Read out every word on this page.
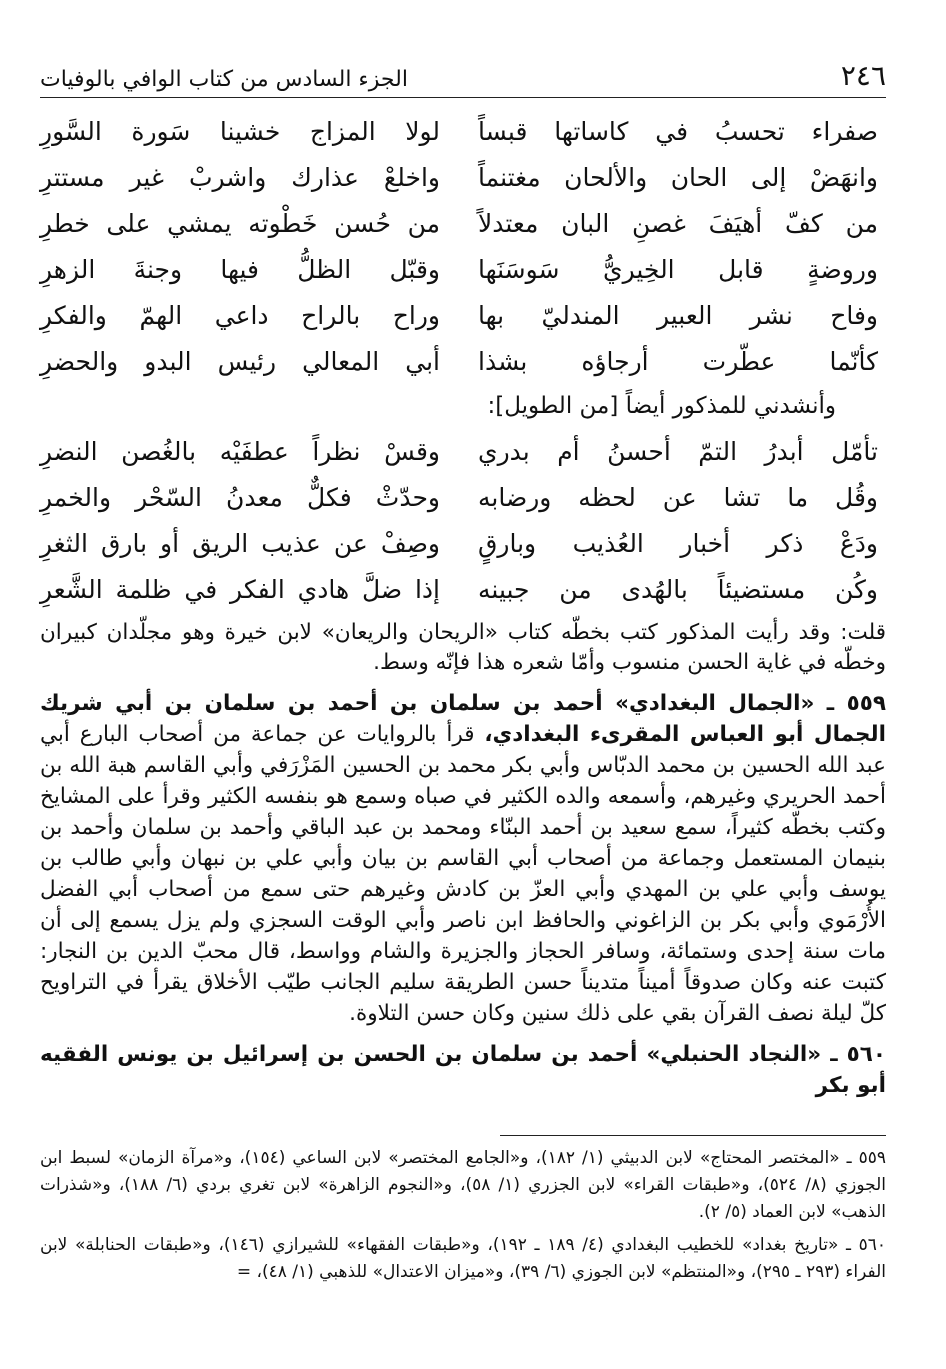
٢٤٦
الجزء السادس من كتاب الوافي بالوفيات
صفراء تحسبُ في كاساتها قبساً
لولا المزاج خشينا سَورة السَّورِ
وانهَضْ إلى الحان والألحان مغتنماً
واخلعْ عذارك واشربْ غير مستترِ
من كفّ أهيَفَ غصنِ البان معتدلاً
من حُسن خَطْوته يمشي على خطرِ
وروضةٍ قابل الخِيريُّ سَوسَنَها
وقبّل الظلُّ فيها وجنةَ الزهرِ
وفاح نشر العبير المندليّ بها
وراح بالراح داعي الهمّ والفكرِ
كأنّما عطّرت أرجاؤه بشذا
أبي المعالي رئيس البدو والحضرِ
وأنشدني للمذكور أيضاً [من الطويل]:
تأمّل أبدرُ التمّ أحسنُ أم بدري
وقسْ نظراً عطفَيْه بالغُصن النضرِ
وقُل ما تشا عن لحظه ورضابه
وحدّثْ فكلٌّ معدنُ السّحْر والخمرِ
ودَعْ ذكر أخبار العُذيب وبارقٍ
وصِفْ عن عذيب الريق أو بارق الثغرِ
وكُن مستضيئاً بالهُدى من جبينه
إذا ضلَّ هادي الفكر في ظلمة الشَّعرِ

قلت: وقد رأيت المذكور كتب بخطّه كتاب «الريحان والريعان» لابن خيرة وهو مجلّدان كبيران وخطّه في غاية الحسن منسوب وأمّا شعره هذا فإنّه وسط.

٥٥٩ ـ «الجمال البغدادي» أحمد بن سلمان بن أحمد بن سلمان بن أبي شريك الجمال أبو العباس المقرىء البغدادي، قرأ بالروايات عن جماعة من أصحاب البارع أبي عبد الله الحسين بن محمد الدبّاس وأبي بكر محمد بن الحسين المَزْرَفي وأبي القاسم هبة الله بن أحمد الحريري وغيرهم، وأسمعه والده الكثير في صباه وسمع هو بنفسه الكثير وقرأ على المشايخ وكتب بخطّه كثيراً، سمع سعيد بن أحمد البنّاء ومحمد بن عبد الباقي وأحمد بن سلمان وأحمد بن بنيمان المستعمل وجماعة من أصحاب أبي القاسم بن بيان وأبي علي بن نبهان وأبي طالب بن يوسف وأبي علي بن المهدي وأبي العزّ بن كادش وغيرهم حتى سمع من أصحاب أبي الفضل الأُرْمَوي وأبي بكر بن الزاغوني والحافظ ابن ناصر وأبي الوقت السجزي ولم يزل يسمع إلى أن مات سنة إحدى وستمائة، وسافر الحجاز والجزيرة والشام وواسط، قال محبّ الدين بن النجار: كتبت عنه وكان صدوقاً أميناً متديناً حسن الطريقة سليم الجانب طيّب الأخلاق يقرأ في التراويح كلّ ليلة نصف القرآن بقي على ذلك سنين وكان حسن التلاوة.
٥٦٠ ـ «النجاد الحنبلي» أحمد بن سلمان بن الحسن بن إسرائيل بن يونس الفقيه أبو بكر

٥٥٩ ـ «المختصر المحتاج» لابن الدبيثي (١/ ١٨٢)، و«الجامع المختصر» لابن الساعي (١٥٤)، و«مرآة الزمان» لسبط ابن الجوزي (٨/ ٥٢٤)، و«طبقات القراء» لابن الجزري (١/ ٥٨)، و«النجوم الزاهرة» لابن تغري بردي (٦/ ١٨٨)، و«شذرات الذهب» لابن العماد (٥/ ٢).

٥٦٠ ـ «تاريخ بغداد» للخطيب البغدادي (٤/ ١٨٩ ـ ١٩٢)، و«طبقات الفقهاء» للشيرازي (١٤٦)، و«طبقات الحنابلة» لابن الفراء (٢٩٣ ـ ٢٩٥)، و«المنتظم» لابن الجوزي (٦/ ٣٩)، و«ميزان الاعتدال» للذهبي (١/ ٤٨)، =
